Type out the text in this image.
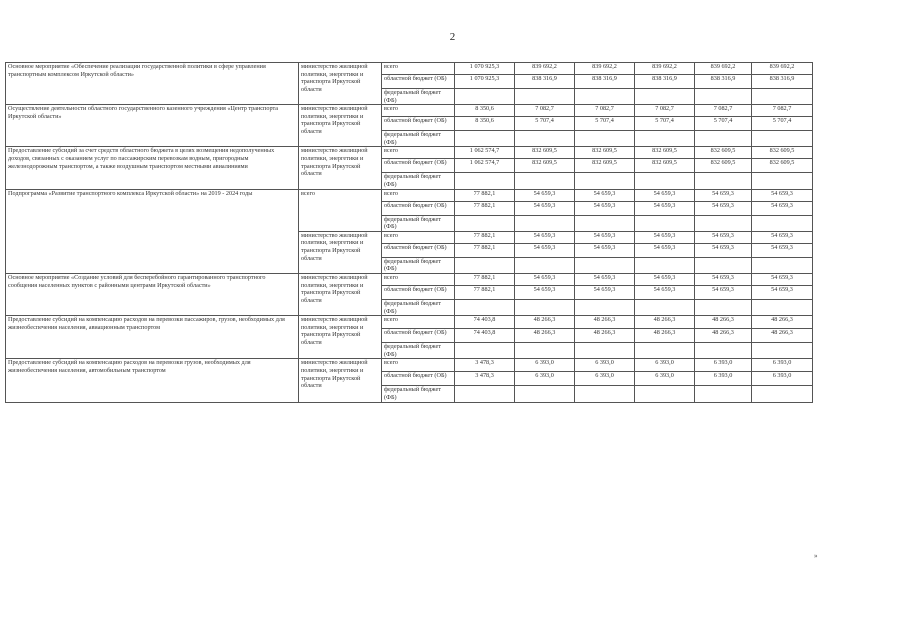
2
Основное мероприятие «Обеспечение реализации государственной политики в сфере управления транспортным комплексом Иркутской области»	министерство жилищной политики, энергетики и транспорта Иркутской области	всего	1 070 925,3	839 692,2	839 692,2	839 692,2	839 692,2	839 692,2
		областной бюджет (ОБ)	1 070 925,3	838 316,9	838 316,9	838 316,9	838 316,9	838 316,9
		федеральный бюджет (ФБ)						
Осуществление деятельности областного государственного казенного учреждения «Центр транспорта Иркутской области»	министерство жилищной политики, энергетики и транспорта Иркутской области	всего	8 350,6	7 082,7	7 082,7	7 082,7	7 082,7	7 082,7
		областной бюджет (ОБ)	8 350,6	5 707,4	5 707,4	5 707,4	5 707,4	5 707,4
		федеральный бюджет (ФБ)						
Предоставление субсидий за счет средств областного бюджета в целях возмещения недополученных доходов, связанных с оказанием услуг по пассажирским перевозкам водным, пригородным железнодорожным транспортом, а также воздушным транспортом местными авиалиниями	министерство жилищной политики, энергетики и транспорта Иркутской области	всего	1 062 574,7	832 609,5	832 609,5	832 609,5	832 609,5	832 609,5
		областной бюджет (ОБ)	1 062 574,7	832 609,5	832 609,5	832 609,5	832 609,5	832 609,5
		федеральный бюджет (ФБ)						
Подпрограмма «Развитие транспортного комплекса Иркутской области» на 2019 - 2024 годы	всего	всего	77 882,1	54 659,3	54 659,3	54 659,3	54 659,3	54 659,3
		областной бюджет (ОБ)	77 882,1	54 659,3	54 659,3	54 659,3	54 659,3	54 659,3
		федеральный бюджет (ФБ)						
	министерство жилищной политики, энергетики и транспорта Иркутской области	всего	77 882,1	54 659,3	54 659,3	54 659,3	54 659,3	54 659,3
		областной бюджет (ОБ)	77 882,1	54 659,3	54 659,3	54 659,3	54 659,3	54 659,3
		федеральный бюджет (ФБ)						
Основное мероприятие «Создание условий для бесперебойного гарантированного транспортного сообщения населенных пунктов с районными центрами Иркутской области»	министерство жилищной политики, энергетики и транспорта Иркутской области	всего	77 882,1	54 659,3	54 659,3	54 659,3	54 659,3	54 659,3
		областной бюджет (ОБ)	77 882,1	54 659,3	54 659,3	54 659,3	54 659,3	54 659,3
		федеральный бюджет (ФБ)						
Предоставление субсидий на компенсацию расходов на перевозки пассажиров, грузов, необходимых для жизнеобеспечения населения, авиационным транспортом	министерство жилищной политики, энергетики и транспорта Иркутской области	всего	74 403,8	48 266,3	48 266,3	48 266,3	48 266,3	48 266,3
		областной бюджет (ОБ)	74 403,8	48 266,3	48 266,3	48 266,3	48 266,3	48 266,3
		федеральный бюджет (ФБ)						
Предоставление субсидий на компенсацию расходов на перевозки грузов, необходимых для жизнеобеспечения населения, автомобильным транспортом	министерство жилищной политики, энергетики и транспорта Иркутской области	всего	3 478,3	6 393,0	6 393,0	6 393,0	6 393,0	6 393,0
		областной бюджет (ОБ)	3 478,3	6 393,0	6 393,0	6 393,0	6 393,0	6 393,0
		федеральный бюджет (ФБ)						
»
